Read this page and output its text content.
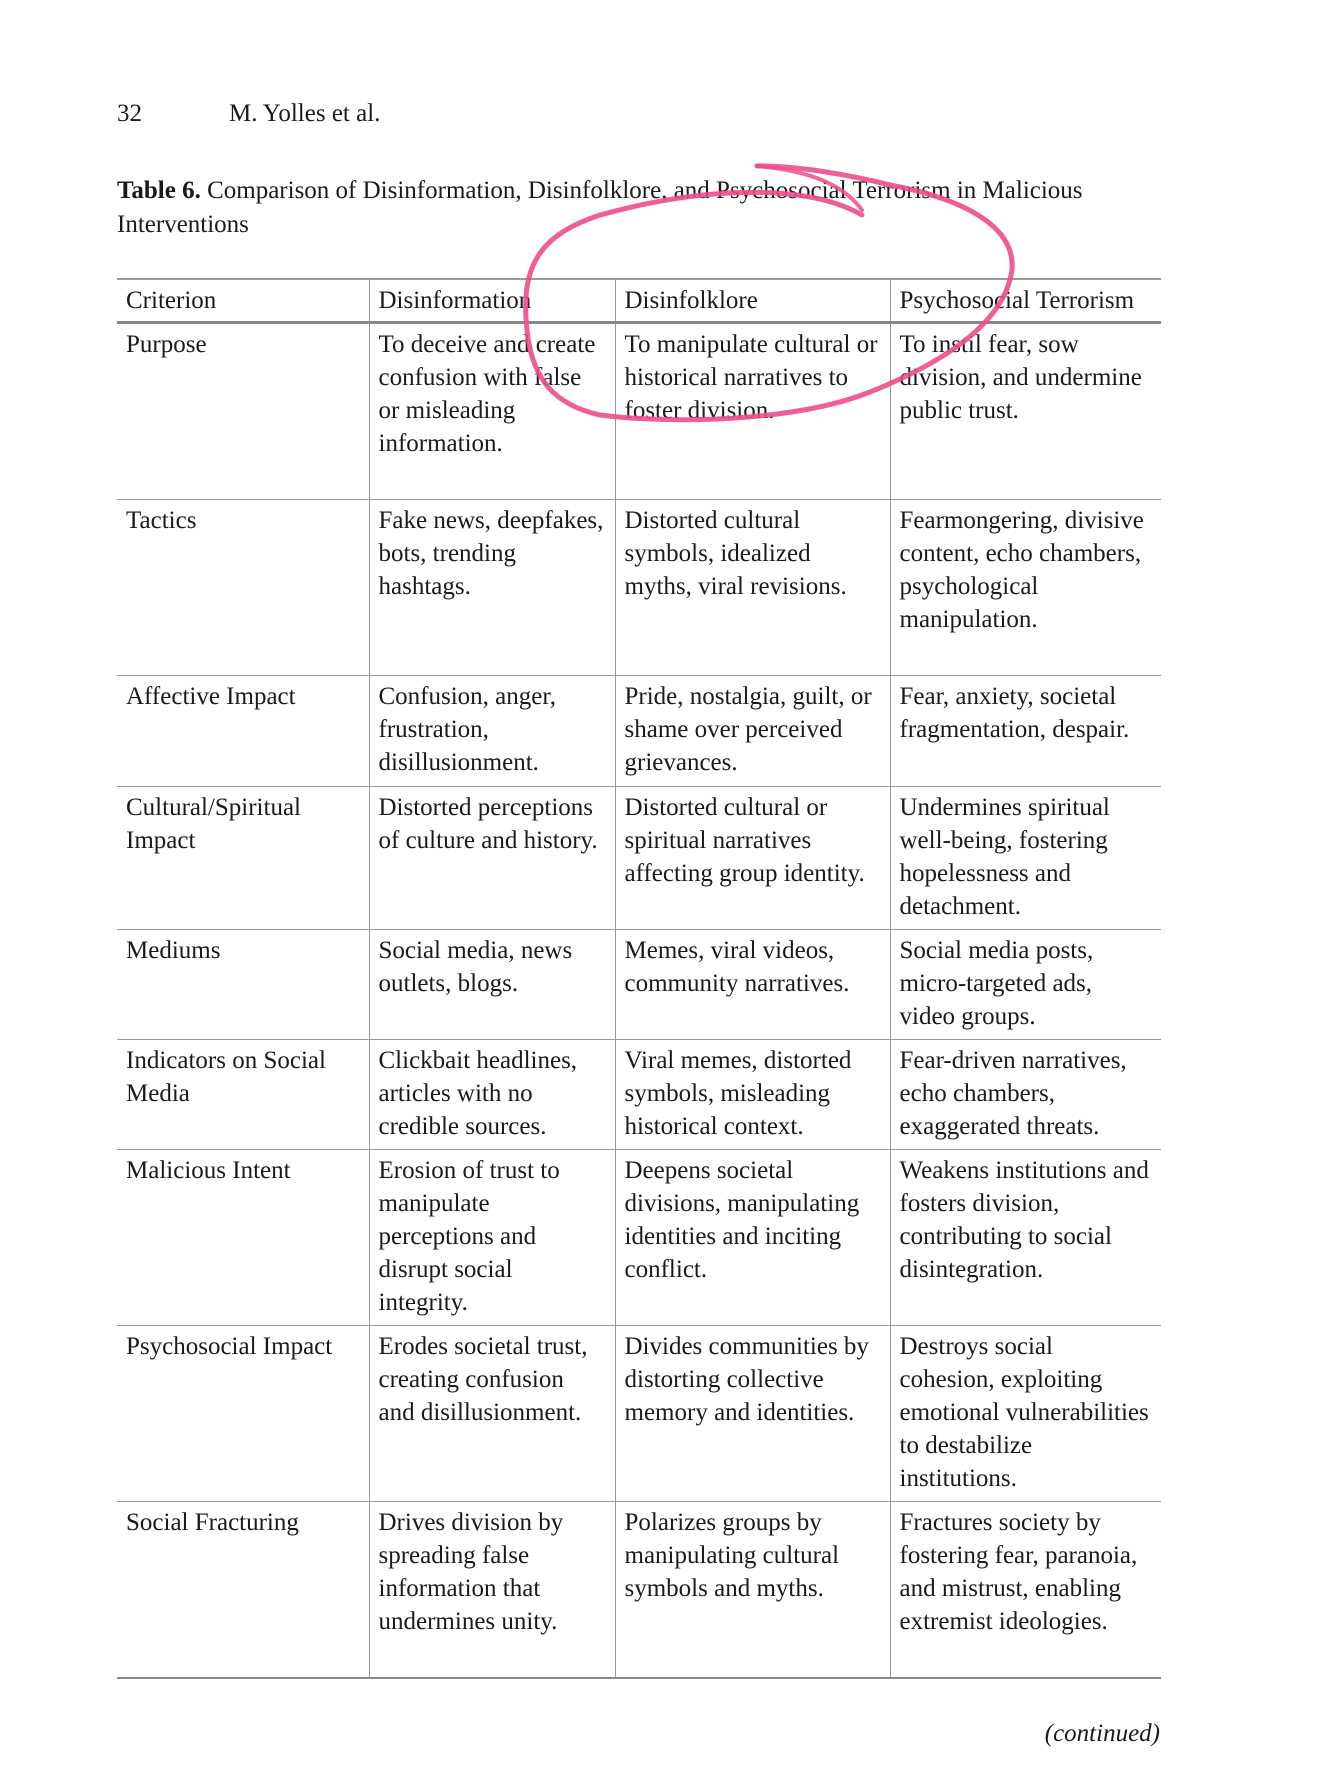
32	M. Yolles et al.
Table 6. Comparison of Disinformation, Disinfolklore, and Psychosocial Terrorism in Malicious Interventions
Criterion	Disinformation	Disinfolklore	Psychosocial Terrorism
Purpose	To deceive and create confusion with false or misleading information.	To manipulate cultural or historical narratives to foster division.	To instil fear, sow division, and undermine public trust.
Tactics	Fake news, deepfakes, bots, trending hashtags.	Distorted cultural symbols, idealized myths, viral revisions.	Fearmongering, divisive content, echo chambers, psychological manipulation.
Affective Impact	Confusion, anger, frustration, disillusionment.	Pride, nostalgia, guilt, or shame over perceived grievances.	Fear, anxiety, societal fragmentation, despair.
Cultural/Spiritual Impact	Distorted perceptions of culture and history.	Distorted cultural or spiritual narratives affecting group identity.	Undermines spiritual well-being, fostering hopelessness and detachment.
Mediums	Social media, news outlets, blogs.	Memes, viral videos, community narratives.	Social media posts, micro-targeted ads, video groups.
Indicators on Social Media	Clickbait headlines, articles with no credible sources.	Viral memes, distorted symbols, misleading historical context.	Fear-driven narratives, echo chambers, exaggerated threats.
Malicious Intent	Erosion of trust to manipulate perceptions and disrupt social integrity.	Deepens societal divisions, manipulating identities and inciting conflict.	Weakens institutions and fosters division, contributing to social disintegration.
Psychosocial Impact	Erodes societal trust, creating confusion and disillusionment.	Divides communities by distorting collective memory and identities.	Destroys social cohesion, exploiting emotional vulnerabilities to destabilize institutions.
Social Fracturing	Drives division by spreading false information that undermines unity.	Polarizes groups by manipulating cultural symbols and myths.	Fractures society by fostering fear, paranoia, and mistrust, enabling extremist ideologies.
(continued)
